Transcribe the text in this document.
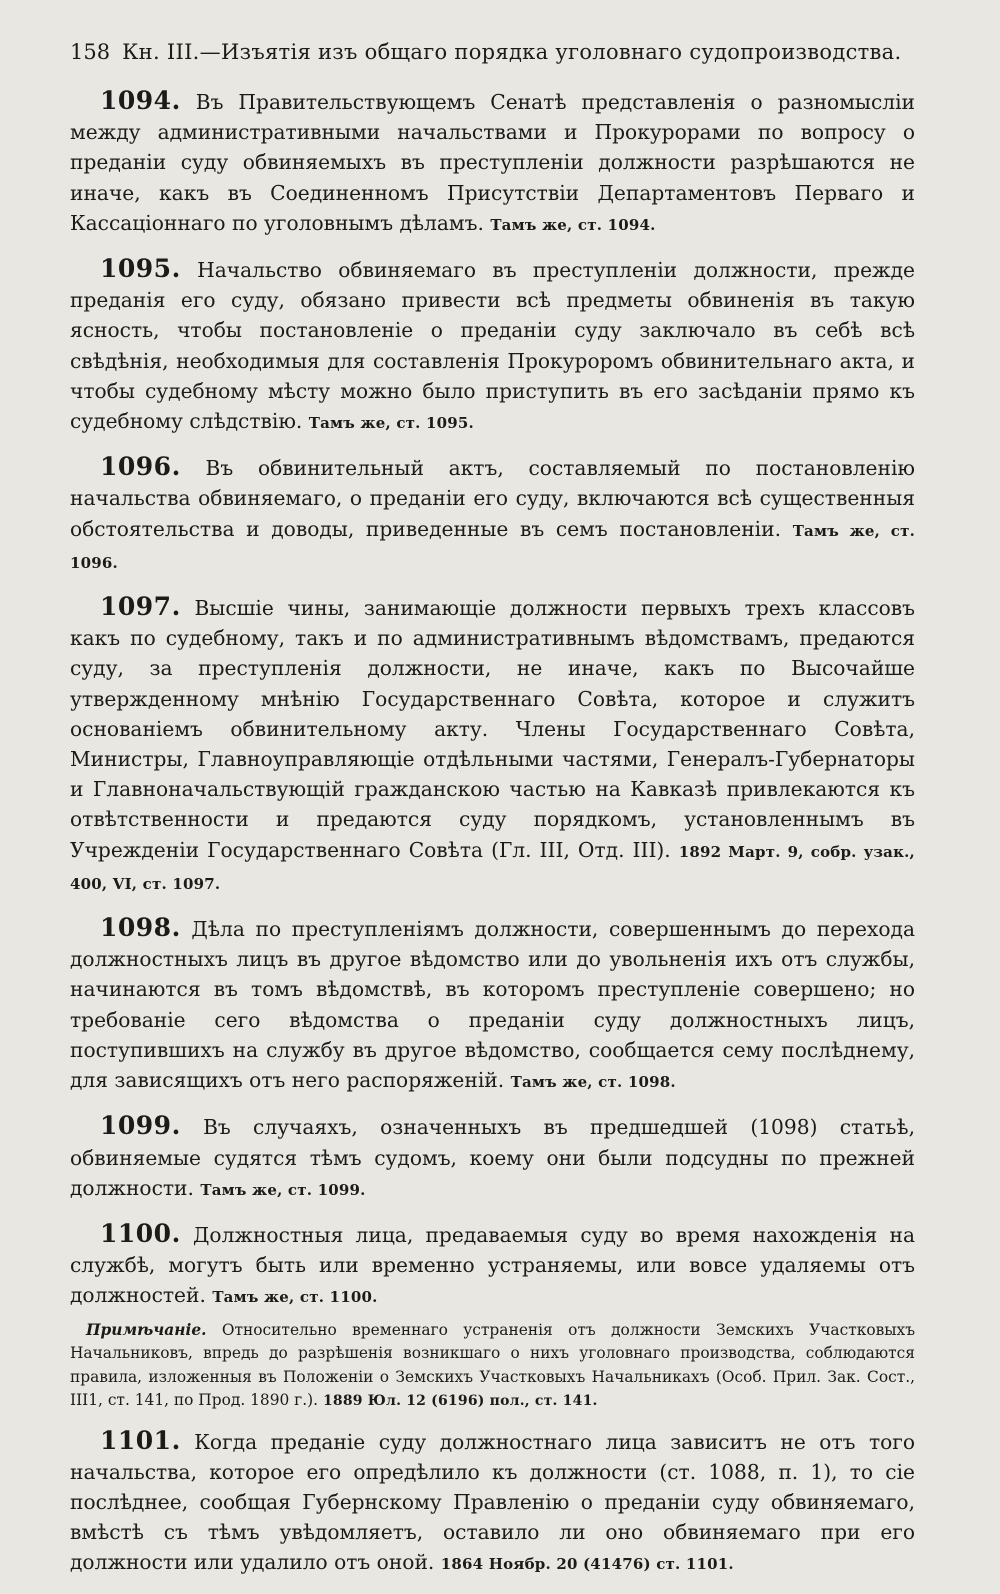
158 Кн. III.—Изъятія изъ общаго порядка уголовнаго судопроизводства.

1094. Въ Правительствующемъ Сенатѣ представленія о разномысліи между административными начальствами и Прокурорами по вопросу о преданіи суду обвиняемыхъ въ преступленіи должности разрѣшаются не иначе, какъ въ Соединенномъ Присутствіи Департаментовъ Перваго и Кассаціоннаго по уголовнымъ дѣламъ. Тамъ же, ст. 1094.

1095. Начальство обвиняемаго въ преступленіи должности, прежде преданія его суду, обязано привести всѣ предметы обвиненія въ такую ясность, чтобы постановленіе о преданіи суду заключало въ себѣ всѣ свѣдѣнія, необходимыя для составленія Прокуроромъ обвинительнаго акта, и чтобы судебному мѣсту можно было приступить въ его засѣданіи прямо къ судебному слѣдствію. Тамъ же, ст. 1095.

1096. Въ обвинительный актъ, составляемый по постановленію начальства обвиняемаго, о преданіи его суду, включаются всѣ существенныя обстоятельства и доводы, приведенные въ семъ постановленіи. Тамъ же, ст. 1096.

1097. Высшіе чины, занимающіе должности первыхъ трехъ классовъ какъ по судебному, такъ и по административнымъ вѣдомствамъ, предаются суду, за преступленія должности, не иначе, какъ по Высочайше утвержденному мнѣнію Государственнаго Совѣта, которое и служитъ основаніемъ обвинительному акту. Члены Государственнаго Совѣта, Министры, Главноуправляющіе отдѣльными частями, Генералъ-Губернаторы и Главноначальствующій гражданскою частью на Кавказѣ привлекаются къ отвѣтственности и предаются суду порядкомъ, установленнымъ въ Учрежденіи Государственнаго Совѣта (Гл. III, Отд. III). 1892 Март. 9, собр. узак., 400, VI, ст. 1097.

1098. Дѣла по преступленіямъ должности, совершеннымъ до перехода должностныхъ лицъ въ другое вѣдомство или до увольненія ихъ отъ службы, начинаются въ томъ вѣдомствѣ, въ которомъ преступленіе совершено; но требованіе сего вѣдомства о преданіи суду должностныхъ лицъ, поступившихъ на службу въ другое вѣдомство, сообщается сему послѣднему, для зависящихъ отъ него распоряженій. Тамъ же, ст. 1098.

1099. Въ случаяхъ, означенныхъ въ предшедшей (1098) статьѣ, обвиняемые судятся тѣмъ судомъ, коему они были подсудны по прежней должности. Тамъ же, ст. 1099.

1100. Должностныя лица, предаваемыя суду во время нахожденія на службѣ, могутъ быть или временно устраняемы, или вовсе удаляемы отъ должностей. Тамъ же, ст. 1100.

Примѣчаніе. Относительно временнаго устраненія отъ должности Земскихъ Участковыхъ Начальниковъ, впредь до разрѣшенія возникшаго о нихъ уголовнаго производства, соблюдаются правила, изложенныя въ Положеніи о Земскихъ Участковыхъ Начальникахъ (Особ. Прил. Зак. Сост., III1, ст. 141, по Прод. 1890 г.). 1889 Юл. 12 (6196) пол., ст. 141.

1101. Когда преданіе суду должностнаго лица зависитъ не отъ того начальства, которое его опредѣлило къ должности (ст. 1088, п. 1), то сіе послѣднее, сообщая Губернскому Правленію о преданіи суду обвиняемаго, вмѣстѣ съ тѣмъ увѣдомляетъ, оставило ли оно обвиняемаго при его должности или удалило отъ оной. 1864 Ноябр. 20 (41476) ст. 1101.
